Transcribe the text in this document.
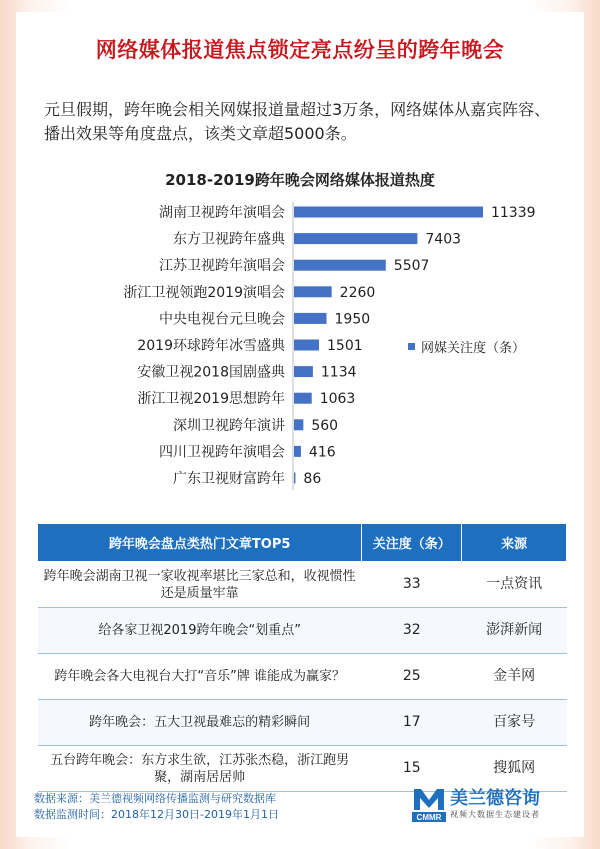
网络媒体报道焦点锁定亮点纷呈的跨年晚会
元旦假期，跨年晚会相关网媒报道量超过3万条，网络媒体从嘉宾阵容、播出效果等角度盘点，该类文章超5000条。
2018-2019跨年晚会网络媒体报道热度
湖南卫视跨年演唱会	11339
东方卫视跨年盛典	7403
江苏卫视跨年演唱会	5507
浙江卫视领跑2019演唱会	2260
中央电视台元旦晚会	1950
2019环球跨年冰雪盛典	1501
安徽卫视2018国剧盛典	1134
浙江卫视2019思想跨年 1063
深圳卫视跨年演讲 560
四川卫视跨年演唱会 416
广东卫视财富跨年 86
网媒关注度（条）
跨年晚会盘点类热门文章TOP5	关注度（条）	来源
跨年晚会湖南卫视一家收视率堪比三家总和，收视惯性还是质量牢靠	33	一点资讯
给各家卫视2019跨年晚会“划重点”	32	澎湃新闻
跨年晚会各大电视台大打“音乐”牌 谁能成为赢家？	25	金羊网
跨年晚会：五大卫视最难忘的精彩瞬间	17	百家号
五台跨年晚会：东方求生欲，江苏张杰稳，浙江跑男聚，湖南居居帅	15	搜狐网
数据来源：美兰德视频网络传播监测与研究数据库
数据监测时间：2018年12月30日-2019年1月1日	CMMR
美兰德咨询
视频大数据生态建设者
